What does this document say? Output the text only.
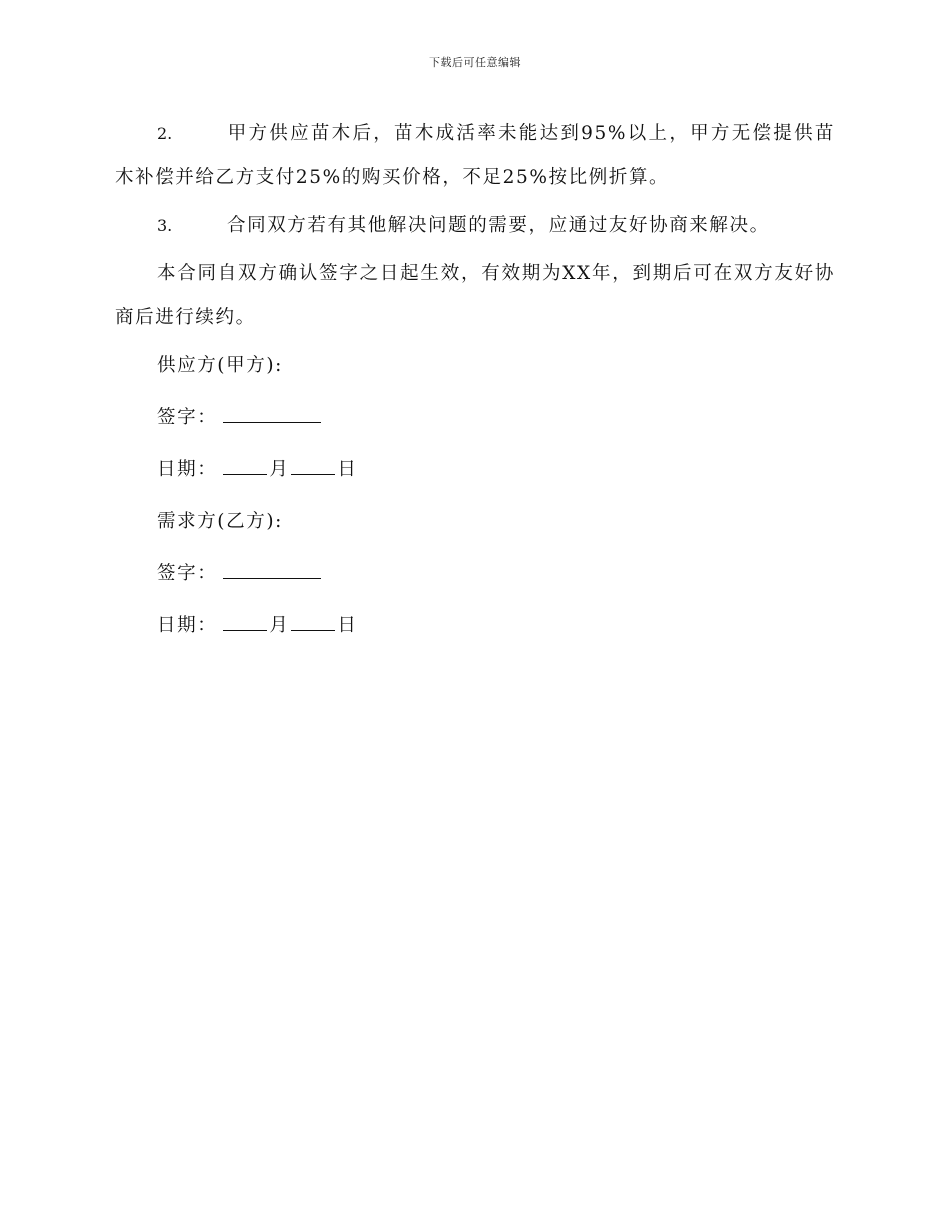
下载后可任意编辑

2.	甲方供应苗木后，苗木成活率未能达到95%以上，甲方无偿提供苗木补偿并给乙方支付25%的购买价格，不足25%按比例折算。

3.	合同双方若有其他解决问题的需要，应通过友好协商来解决。

本合同自双方确认签字之日起生效，有效期为XX年，到期后可在双方友好协商后进行续约。

供应方(甲方):
签字：
日期：	月	日
需求方(乙方):
签字：
日期：	月	日
